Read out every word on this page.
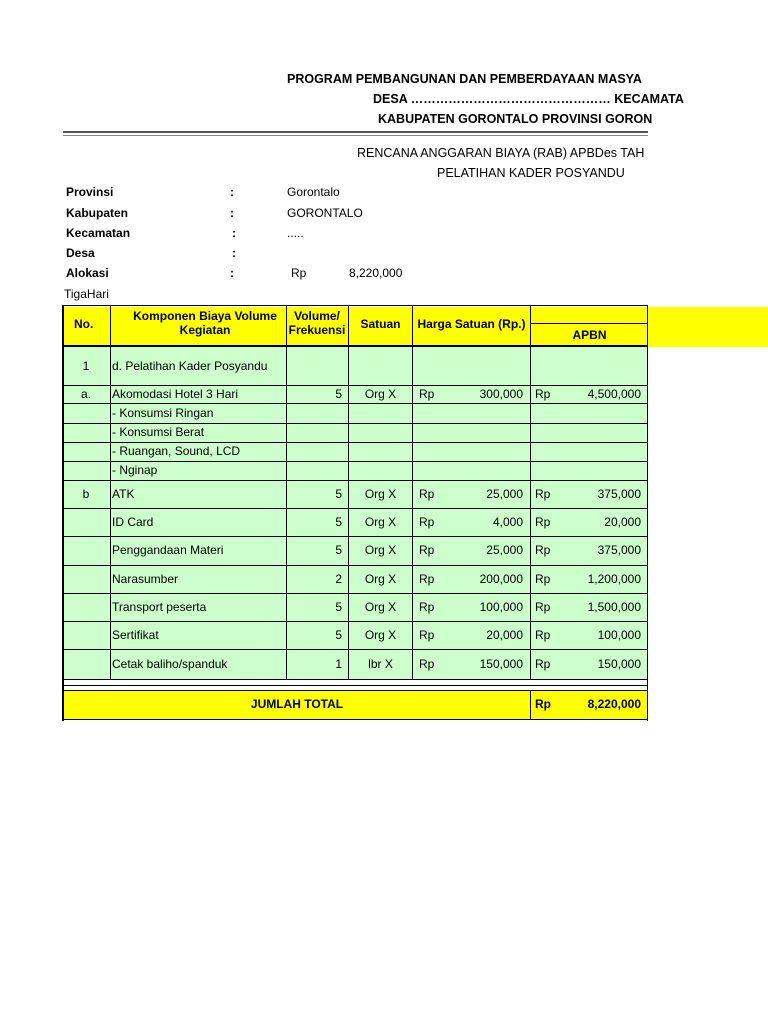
PROGRAM PEMBANGUNAN DAN PEMBERDAYAAN MASYA
DESA ………………………………………… KECAMATA
KABUPATEN GORONTALO PROVINSI GORON
RENCANA ANGGARAN BIAYA (RAB) APBDes TAH
PELATIHAN KADER POSYANDU
Provinsi	:	Gorontalo
Kabupaten	:	GORONTALO
Kecamatan	:	.....
Desa	:
Alokasi	:	Rp	8,220,000
TigaHari
No.
Komponen Biaya Volume
Kegiatan
Volume/
Frekuensi	Satuan	Harga Satuan (Rp.)
APBN
1	d. Pelatihan Kader Posyandu
a.	Akomodasi Hotel 3 Hari	5	Org X	Rp	300,000 Rp	4,500,000
- Konsumsi Ringan
- Konsumsi Berat
- Ruangan, Sound, LCD
- Nginap
b	ATK	5	Org X	Rp	25,000 Rp	375,000
ID Card	5	Org X	Rp	4,000 Rp	20,000
Penggandaan Materi	5	Org X	Rp	25,000 Rp	375,000
Narasumber	2	Org X	Rp	200,000 Rp	1,200,000
Transport peserta	5	Org X	Rp	100,000 Rp	1,500,000
Sertifikat	5	Org X	Rp	20,000 Rp	100,000
Cetak baliho/spanduk	1	lbr X	Rp	150,000 Rp	150,000
JUMLAH TOTAL	Rp	8,220,000
